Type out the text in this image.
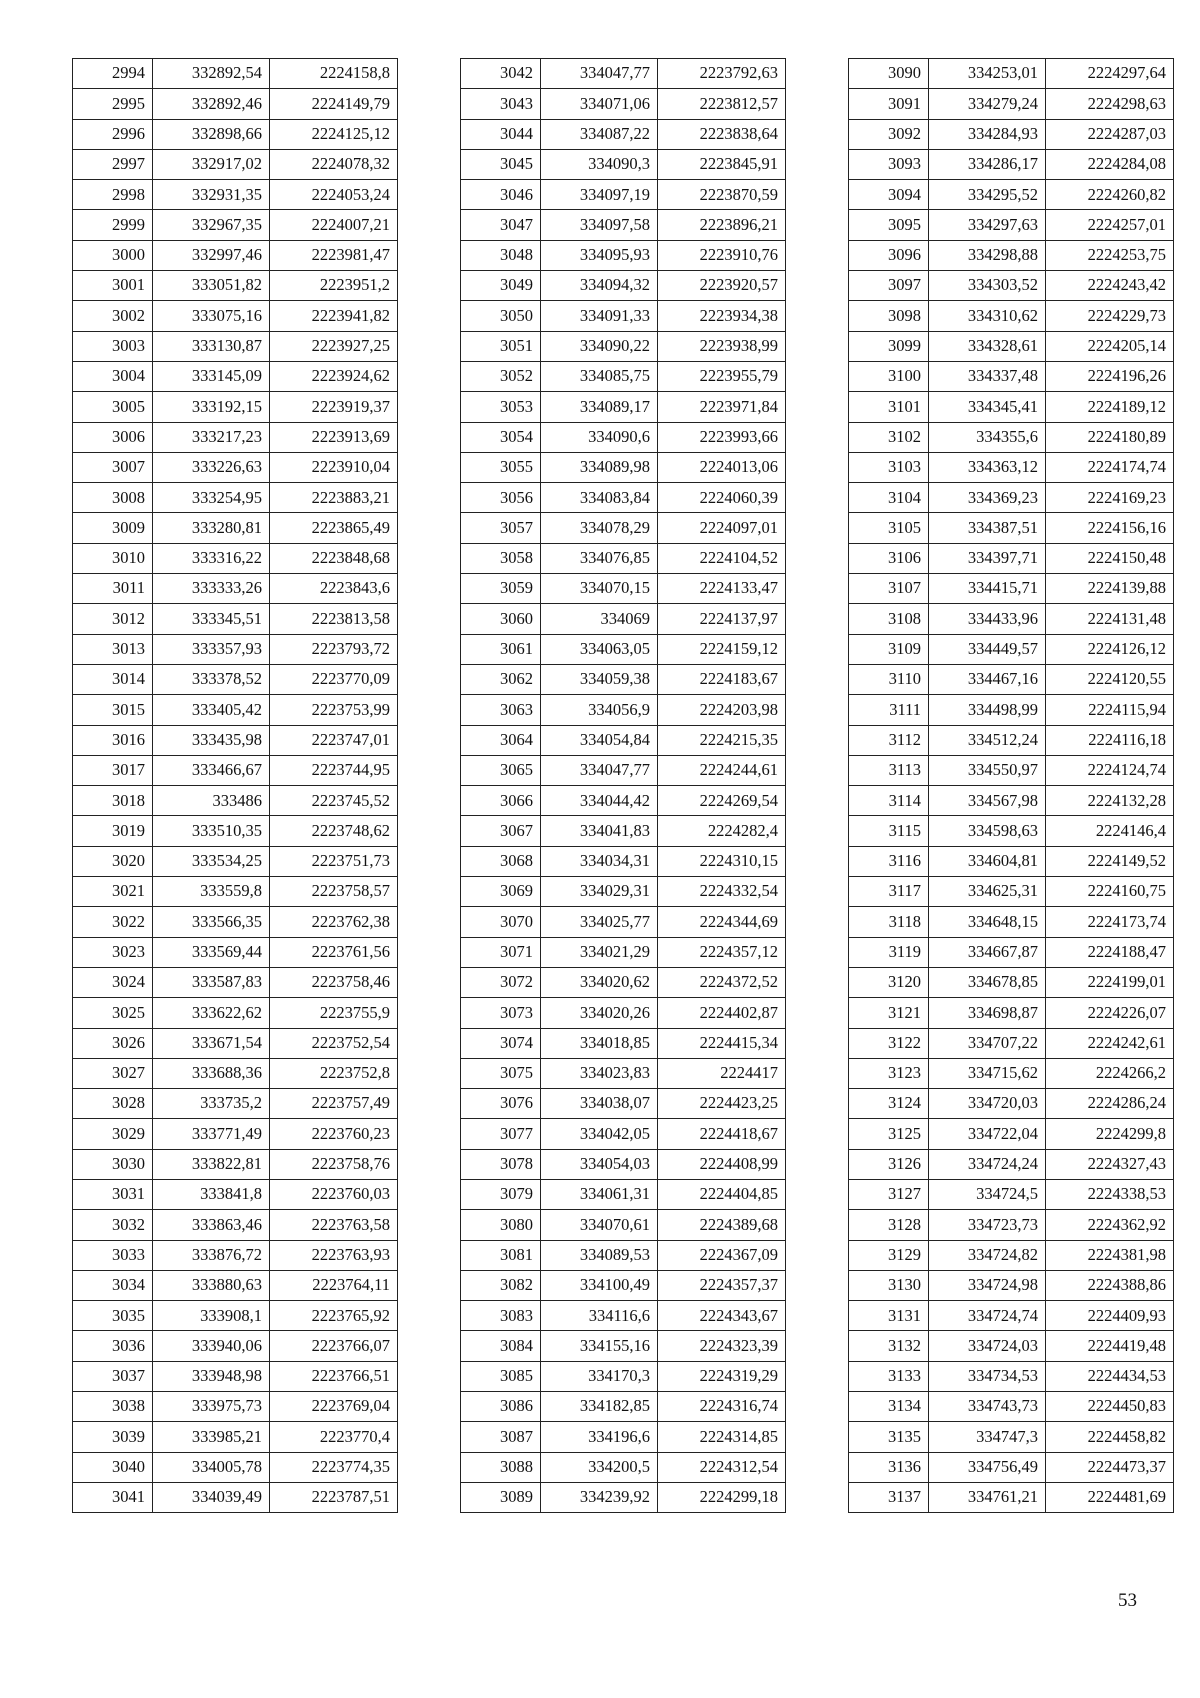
2994	332892,54	2224158,8
2995	332892,46	2224149,79
2996	332898,66	2224125,12
2997	332917,02	2224078,32
2998	332931,35	2224053,24
2999	332967,35	2224007,21
3000	332997,46	2223981,47
3001	333051,82	2223951,2
3002	333075,16	2223941,82
3003	333130,87	2223927,25
3004	333145,09	2223924,62
3005	333192,15	2223919,37
3006	333217,23	2223913,69
3007	333226,63	2223910,04
3008	333254,95	2223883,21
3009	333280,81	2223865,49
3010	333316,22	2223848,68
3011	333333,26	2223843,6
3012	333345,51	2223813,58
3013	333357,93	2223793,72
3014	333378,52	2223770,09
3015	333405,42	2223753,99
3016	333435,98	2223747,01
3017	333466,67	2223744,95
3018	333486	2223745,52
3019	333510,35	2223748,62
3020	333534,25	2223751,73
3021	333559,8	2223758,57
3022	333566,35	2223762,38
3023	333569,44	2223761,56
3024	333587,83	2223758,46
3025	333622,62	2223755,9
3026	333671,54	2223752,54
3027	333688,36	2223752,8
3028	333735,2	2223757,49
3029	333771,49	2223760,23
3030	333822,81	2223758,76
3031	333841,8	2223760,03
3032	333863,46	2223763,58
3033	333876,72	2223763,93
3034	333880,63	2223764,11
3035	333908,1	2223765,92
3036	333940,06	2223766,07
3037	333948,98	2223766,51
3038	333975,73	2223769,04
3039	333985,21	2223770,4
3040	334005,78	2223774,35
3041	334039,49	2223787,51
3042	334047,77	2223792,63
3043	334071,06	2223812,57
3044	334087,22	2223838,64
3045	334090,3	2223845,91
3046	334097,19	2223870,59
3047	334097,58	2223896,21
3048	334095,93	2223910,76
3049	334094,32	2223920,57
3050	334091,33	2223934,38
3051	334090,22	2223938,99
3052	334085,75	2223955,79
3053	334089,17	2223971,84
3054	334090,6	2223993,66
3055	334089,98	2224013,06
3056	334083,84	2224060,39
3057	334078,29	2224097,01
3058	334076,85	2224104,52
3059	334070,15	2224133,47
3060	334069	2224137,97
3061	334063,05	2224159,12
3062	334059,38	2224183,67
3063	334056,9	2224203,98
3064	334054,84	2224215,35
3065	334047,77	2224244,61
3066	334044,42	2224269,54
3067	334041,83	2224282,4
3068	334034,31	2224310,15
3069	334029,31	2224332,54
3070	334025,77	2224344,69
3071	334021,29	2224357,12
3072	334020,62	2224372,52
3073	334020,26	2224402,87
3074	334018,85	2224415,34
3075	334023,83	2224417
3076	334038,07	2224423,25
3077	334042,05	2224418,67
3078	334054,03	2224408,99
3079	334061,31	2224404,85
3080	334070,61	2224389,68
3081	334089,53	2224367,09
3082	334100,49	2224357,37
3083	334116,6	2224343,67
3084	334155,16	2224323,39
3085	334170,3	2224319,29
3086	334182,85	2224316,74
3087	334196,6	2224314,85
3088	334200,5	2224312,54
3089	334239,92	2224299,18
3090	334253,01	2224297,64
3091	334279,24	2224298,63
3092	334284,93	2224287,03
3093	334286,17	2224284,08
3094	334295,52	2224260,82
3095	334297,63	2224257,01
3096	334298,88	2224253,75
3097	334303,52	2224243,42
3098	334310,62	2224229,73
3099	334328,61	2224205,14
3100	334337,48	2224196,26
3101	334345,41	2224189,12
3102	334355,6	2224180,89
3103	334363,12	2224174,74
3104	334369,23	2224169,23
3105	334387,51	2224156,16
3106	334397,71	2224150,48
3107	334415,71	2224139,88
3108	334433,96	2224131,48
3109	334449,57	2224126,12
3110	334467,16	2224120,55
3111	334498,99	2224115,94
3112	334512,24	2224116,18
3113	334550,97	2224124,74
3114	334567,98	2224132,28
3115	334598,63	2224146,4
3116	334604,81	2224149,52
3117	334625,31	2224160,75
3118	334648,15	2224173,74
3119	334667,87	2224188,47
3120	334678,85	2224199,01
3121	334698,87	2224226,07
3122	334707,22	2224242,61
3123	334715,62	2224266,2
3124	334720,03	2224286,24
3125	334722,04	2224299,8
3126	334724,24	2224327,43
3127	334724,5	2224338,53
3128	334723,73	2224362,92
3129	334724,82	2224381,98
3130	334724,98	2224388,86
3131	334724,74	2224409,93
3132	334724,03	2224419,48
3133	334734,53	2224434,53
3134	334743,73	2224450,83
3135	334747,3	2224458,82
3136	334756,49	2224473,37
3137	334761,21	2224481,69
53
